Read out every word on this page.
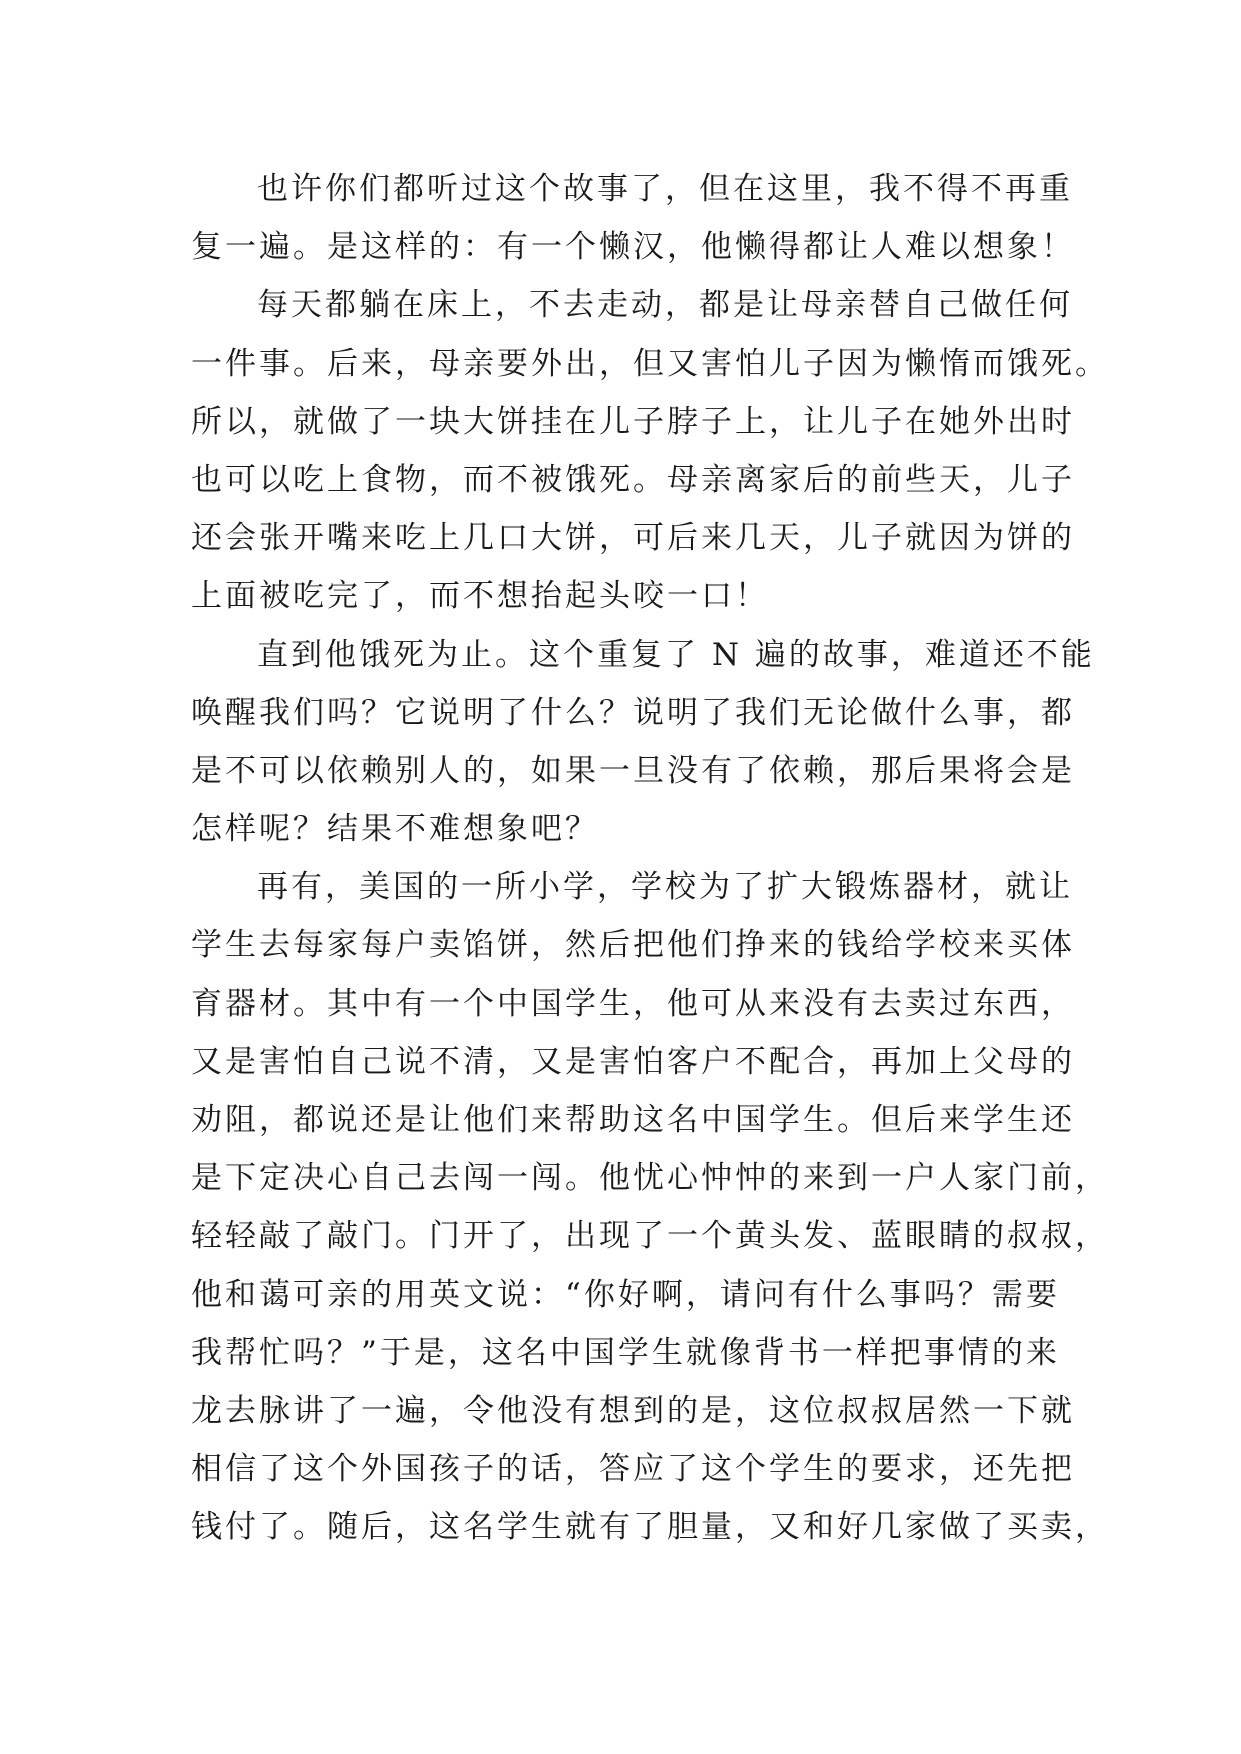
也许你们都听过这个故事了，但在这里，我不得不再重
复一遍。是这样的：有一个懒汉，他懒得都让人难以想象！
每天都躺在床上，不去走动，都是让母亲替自己做任何
一件事。后来，母亲要外出，但又害怕儿子因为懒惰而饿死。
所以，就做了一块大饼挂在儿子脖子上，让儿子在她外出时
也可以吃上食物，而不被饿死。母亲离家后的前些天，儿子
还会张开嘴来吃上几口大饼，可后来几天，儿子就因为饼的
上面被吃完了，而不想抬起头咬一口！
直到他饿死为止。这个重复了 N 遍的故事，难道还不能
唤醒我们吗？它说明了什么？说明了我们无论做什么事，都
是不可以依赖别人的，如果一旦没有了依赖，那后果将会是
怎样呢？结果不难想象吧？
再有，美国的一所小学，学校为了扩大锻炼器材，就让
学生去每家每户卖馅饼，然后把他们挣来的钱给学校来买体
育器材。其中有一个中国学生，他可从来没有去卖过东西，
又是害怕自己说不清，又是害怕客户不配合，再加上父母的
劝阻，都说还是让他们来帮助这名中国学生。但后来学生还
是下定决心自己去闯一闯。他忧心忡忡的来到一户人家门前，
轻轻敲了敲门。门开了，出现了一个黄头发、蓝眼睛的叔叔，
他和蔼可亲的用英文说：“你好啊，请问有什么事吗？需要
我帮忙吗？”于是，这名中国学生就像背书一样把事情的来
龙去脉讲了一遍，令他没有想到的是，这位叔叔居然一下就
相信了这个外国孩子的话，答应了这个学生的要求，还先把
钱付了。随后，这名学生就有了胆量，又和好几家做了买卖，
